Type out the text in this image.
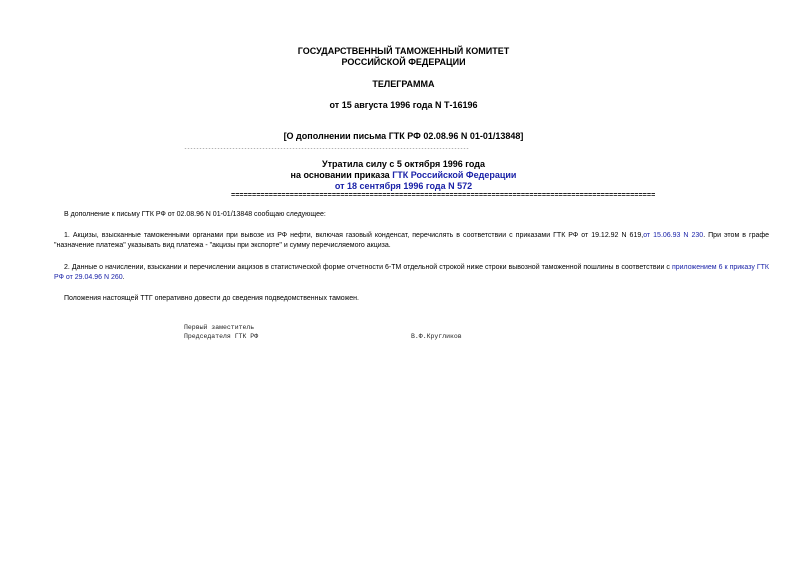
ГОСУДАРСТВЕННЫЙ ТАМОЖЕННЫЙ КОМИТЕТ
РОССИЙСКОЙ ФЕДЕРАЦИИ
ТЕЛЕГРАММА
от 15 августа 1996 года N Т-16196
[О дополнении письма ГТК РФ 02.08.96 N 01-01/13848]
-----------------------------------------------------------------------------------------------
Утратила силу с 5 октября 1996 года
на основании приказа ГТК Российской Федерации
от 18 сентября 1996 года N 572
=====================================================================================================
В дополнение к письму ГТК РФ от 02.08.96 N 01-01/13848 сообщаю следующее:
1. Акцизы, взысканные таможенными органами при вывозе из РФ нефти, включая газовый конденсат, перечислять в соответствии с приказами ГТК РФ от 19.12.92 N 619,от 15.06.93 N 230. При этом в графе "назначение платежа" указывать вид платежа - "акцизы при экспорте" и сумму перечисляемого акциза.
2. Данные о начислении, взыскании и перечислении акцизов в статистической форме отчетности 6-ТМ отдельной строкой ниже строки вывозной таможенной пошлины в соответствии с приложением 6 к приказу ГТК РФ от 29.04.96 N 260.
Положения настоящей ТТГ оперативно довести до сведения подведомственных таможен.
Первый заместитель
Председателя ГТК РФ	В.Ф.Кругликов
